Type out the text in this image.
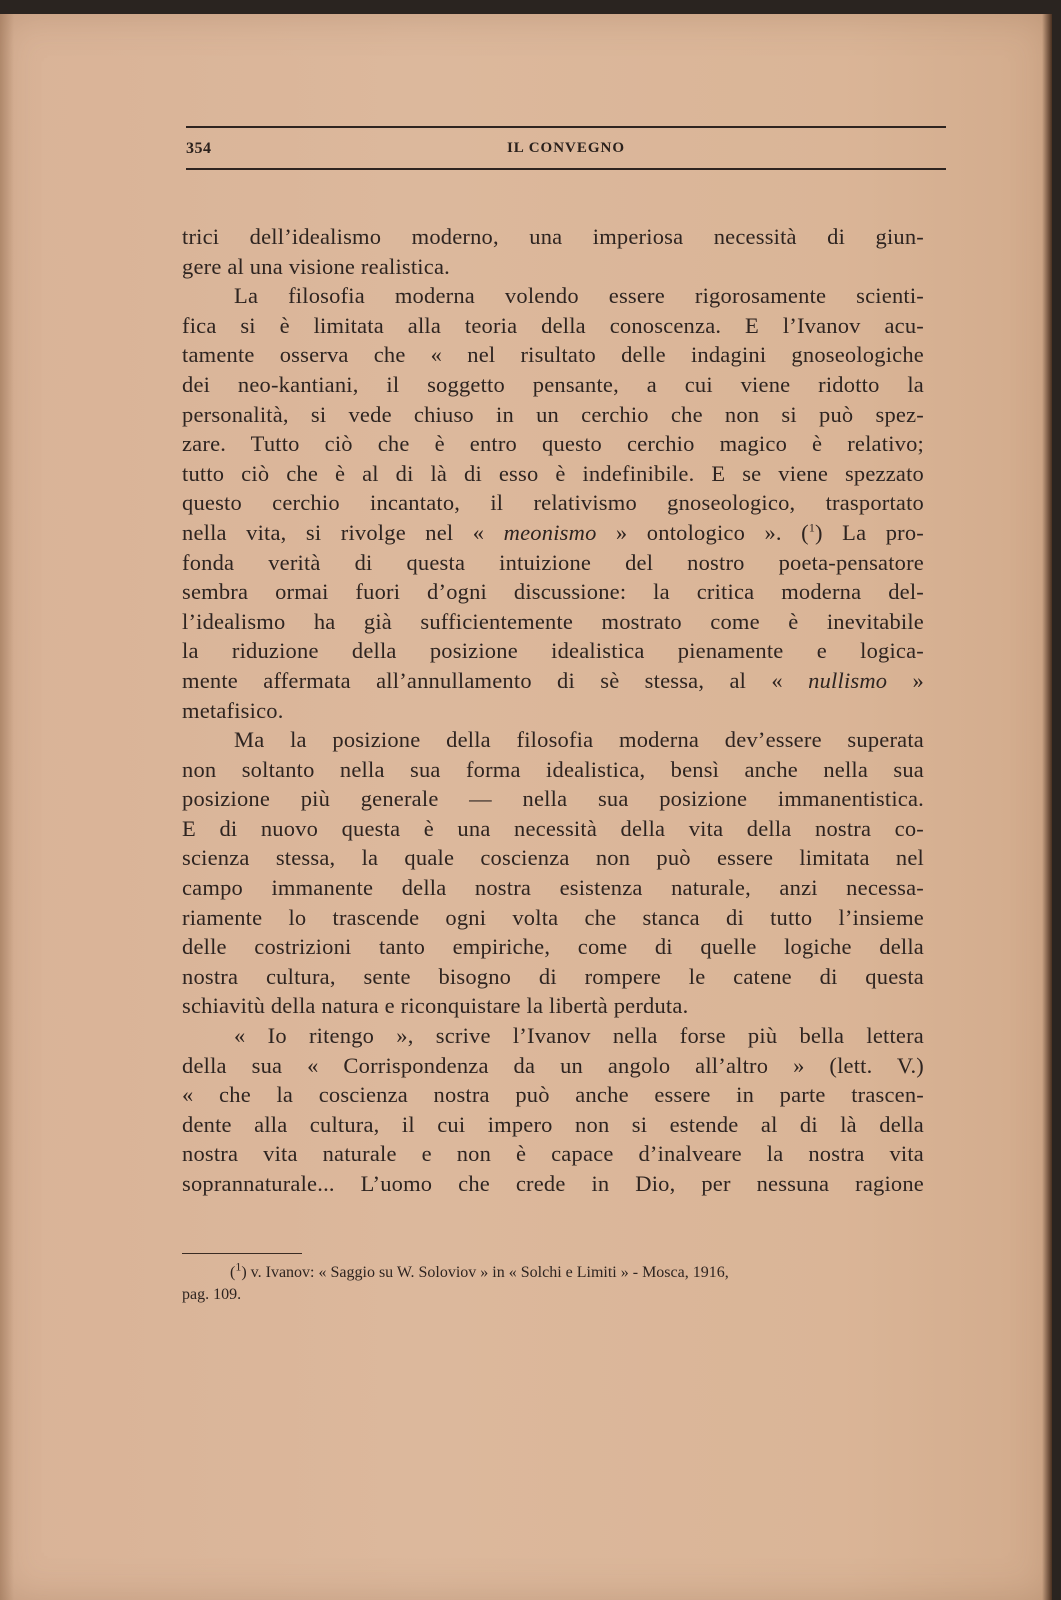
354	IL CONVEGNO

trici dell’idealismo moderno, una imperiosa necessità di giun-

gere al una visione realistica.

La filosofia moderna volendo essere rigorosamente scienti-

fica si è limitata alla teoria della conoscenza. E l’Ivanov acu-

tamente osserva che « nel risultato delle indagini gnoseologiche

dei neo-kantiani, il soggetto pensante, a cui viene ridotto la

personalità, si vede chiuso in un cerchio che non si può spez-

zare. Tutto ciò che è entro questo cerchio magico è relativo;

tutto ciò che è al di là di esso è indefinibile. E se viene spezzato

questo cerchio incantato, il relativismo gnoseologico, trasportato

nella vita, si rivolge nel « meonismo » ontologico ». ($^1$) La pro-

fonda verità di questa intuizione del nostro poeta-pensatore

sembra ormai fuori d’ogni discussione: la critica moderna del-

l’idealismo ha già sufficientemente mostrato come è inevitabile

la riduzione della posizione idealistica pienamente e logica-

mente affermata all’annullamento di sè stessa, al « nullismo »

metafisico.

Ma la posizione della filosofia moderna dev’essere superata

non soltanto nella sua forma idealistica, bensì anche nella sua

posizione più generale — nella sua posizione immanentistica.

E di nuovo questa è una necessità della vita della nostra co-

scienza stessa, la quale coscienza non può essere limitata nel

campo immanente della nostra esistenza naturale, anzi necessa-

riamente lo trascende ogni volta che stanca di tutto l’insieme

delle costrizioni tanto empiriche, come di quelle logiche della

nostra cultura, sente bisogno di rompere le catene di questa

schiavitù della natura e riconquistare la libertà perduta.

« Io ritengo », scrive l’Ivanov nella forse più bella lettera

della sua « Corrispondenza da un angolo all’altro » (lett. V.)

« che la coscienza nostra può anche essere in parte trascen-

dente alla cultura, il cui impero non si estende al di là della

nostra vita naturale e non è capace d’inalveare la nostra vita

soprannaturale... L’uomo che crede in Dio, per nessuna ragione

($^1$) v. Ivanov: « Saggio su W. Soloviov » in « Solchi e Limiti » - Mosca, 1916,

pag. 109.
